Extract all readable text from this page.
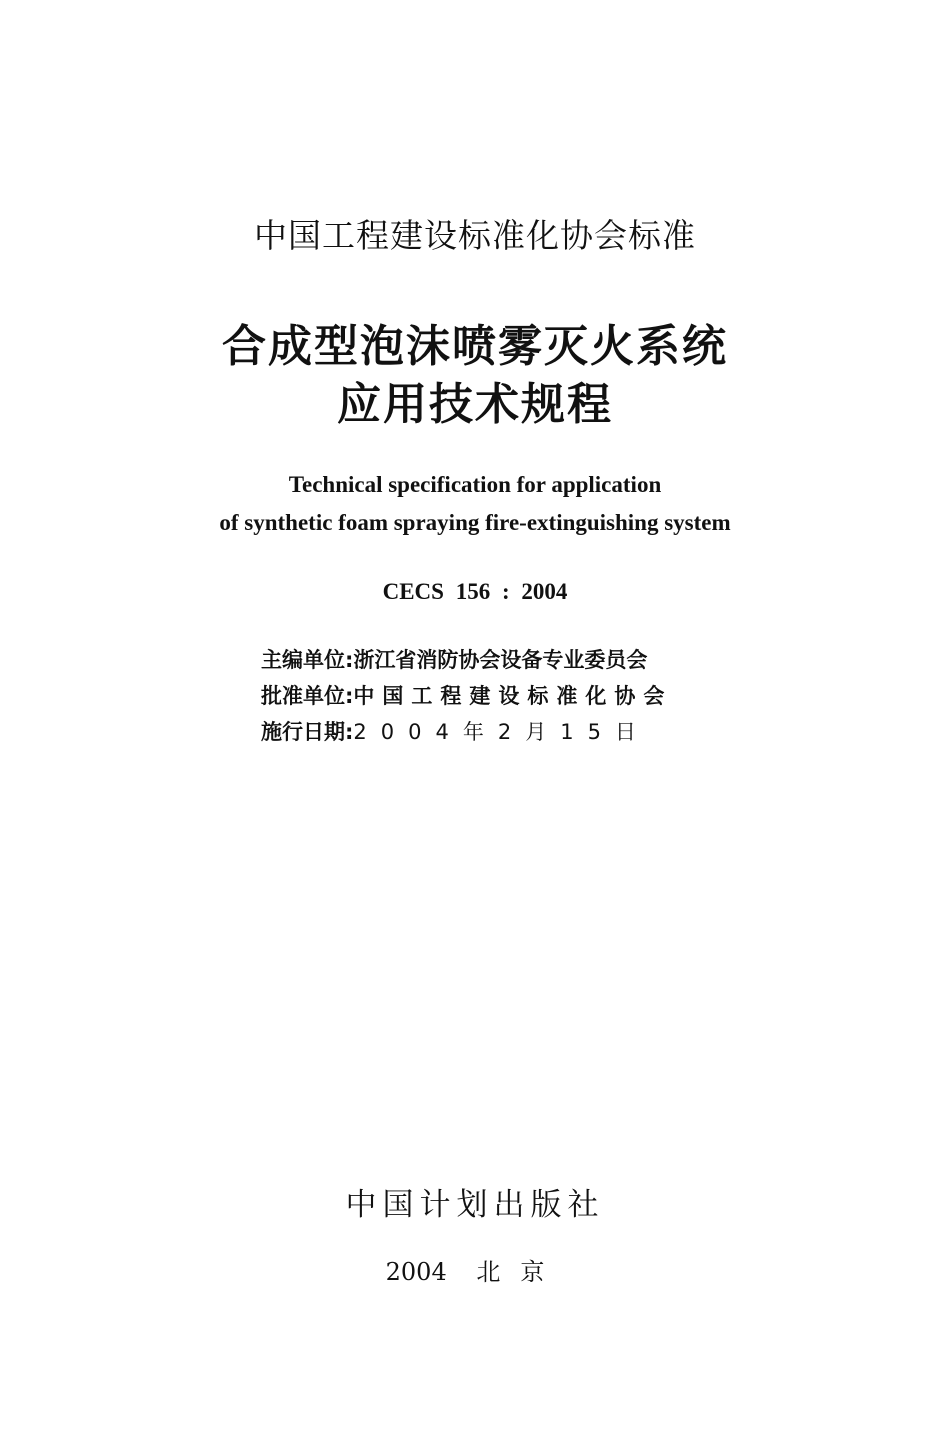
中国工程建设标准化协会标准
合成型泡沫喷雾灭火系统
应用技术规程
Technical specification for application
of synthetic foam spraying fire-extinguishing system
CECS 156 : 2004
主编单位: 浙江省消防协会设备专业委员会
批准单位: 中国工程建设标准化协会
施行日期: 2004年2月15日
中国计划出版社
2004 北京
